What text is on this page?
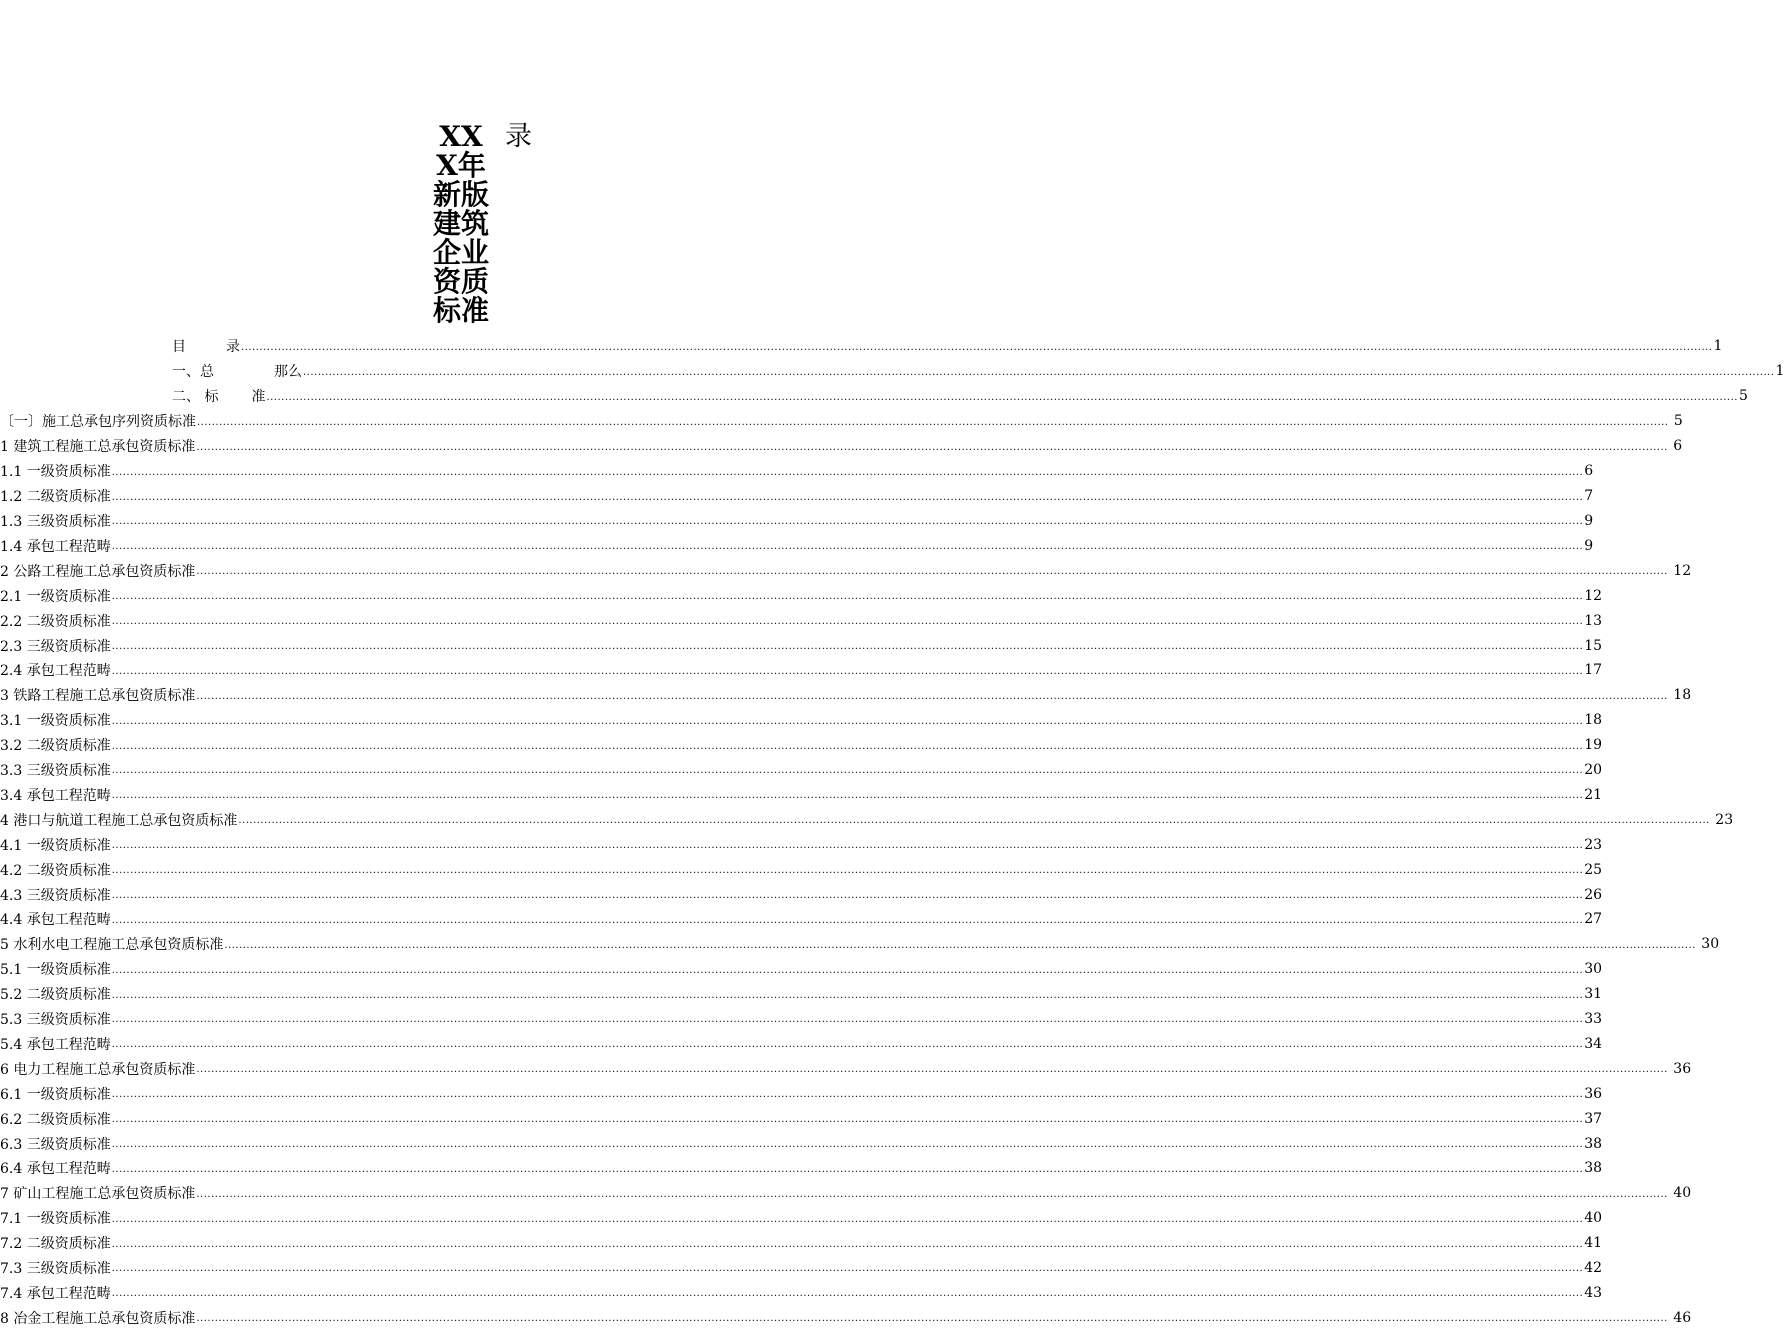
XXX年新版建筑企业资质标准
录
目	录 ................................................................................................................................................................................................................................................................................................................................................................................................................ 1
一、总	那么 ................................................................................................................................................................................................................................................................................................................................................................................................................ 1
二、 标 准 ................................................................................................................................................................................................................................................................................................................................................................................................................ 5
〔一〕施工总承包序列资质标准 ................................................................................................................................................................................................................................................................................................................................................................................................................ 5
1 建筑工程施工总承包资质标准 ................................................................................................................................................................................................................................................................................................................................................................................................................ 6
1.1 一级资质标准 ................................................................................................................................................................................................................................................................................................................................................................................................................ 6
1.2 二级资质标准 ................................................................................................................................................................................................................................................................................................................................................................................................................ 7
1.3 三级资质标准 ................................................................................................................................................................................................................................................................................................................................................................................................................ 9
1.4 承包工程范畴 ................................................................................................................................................................................................................................................................................................................................................................................................................ 9
2 公路工程施工总承包资质标准 ................................................................................................................................................................................................................................................................................................................................................................................................................ 12
2.1 一级资质标准 ................................................................................................................................................................................................................................................................................................................................................................................................................ 12
2.2 二级资质标准 ................................................................................................................................................................................................................................................................................................................................................................................................................ 13
2.3 三级资质标准 ................................................................................................................................................................................................................................................................................................................................................................................................................ 15
2.4 承包工程范畴 ................................................................................................................................................................................................................................................................................................................................................................................................................ 17
3 铁路工程施工总承包资质标准 ................................................................................................................................................................................................................................................................................................................................................................................................................ 18
3.1 一级资质标准 ................................................................................................................................................................................................................................................................................................................................................................................................................ 18
3.2 二级资质标准 ................................................................................................................................................................................................................................................................................................................................................................................................................ 19
3.3 三级资质标准 ................................................................................................................................................................................................................................................................................................................................................................................................................ 20
3.4 承包工程范畴 ................................................................................................................................................................................................................................................................................................................................................................................................................ 21
4 港口与航道工程施工总承包资质标准 ................................................................................................................................................................................................................................................................................................................................................................................................................ 23
4.1 一级资质标准 ................................................................................................................................................................................................................................................................................................................................................................................................................ 23
4.2 二级资质标准 ................................................................................................................................................................................................................................................................................................................................................................................................................ 25
4.3 三级资质标准 ................................................................................................................................................................................................................................................................................................................................................................................................................ 26
4.4 承包工程范畴 ................................................................................................................................................................................................................................................................................................................................................................................................................ 27
5 水利水电工程施工总承包资质标准 ................................................................................................................................................................................................................................................................................................................................................................................................................ 30
5.1 一级资质标准 ................................................................................................................................................................................................................................................................................................................................................................................................................ 30
5.2 二级资质标准 ................................................................................................................................................................................................................................................................................................................................................................................................................ 31
5.3 三级资质标准 ................................................................................................................................................................................................................................................................................................................................................................................................................ 33
5.4 承包工程范畴 ................................................................................................................................................................................................................................................................................................................................................................................................................ 34
6 电力工程施工总承包资质标准 ................................................................................................................................................................................................................................................................................................................................................................................................................ 36
6.1 一级资质标准 ................................................................................................................................................................................................................................................................................................................................................................................................................ 36
6.2 二级资质标准 ................................................................................................................................................................................................................................................................................................................................................................................................................ 37
6.3 三级资质标准 ................................................................................................................................................................................................................................................................................................................................................................................................................ 38
6.4 承包工程范畴 ................................................................................................................................................................................................................................................................................................................................................................................................................ 38
7 矿山工程施工总承包资质标准 ................................................................................................................................................................................................................................................................................................................................................................................................................ 40
7.1 一级资质标准 ................................................................................................................................................................................................................................................................................................................................................................................................................ 40
7.2 二级资质标准 ................................................................................................................................................................................................................................................................................................................................................................................................................ 41
7.3 三级资质标准 ................................................................................................................................................................................................................................................................................................................................................................................................................ 42
7.4 承包工程范畴 ................................................................................................................................................................................................................................................................................................................................................................................................................ 43
8 冶金工程施工总承包资质标准 ................................................................................................................................................................................................................................................................................................................................................................................................................ 46
